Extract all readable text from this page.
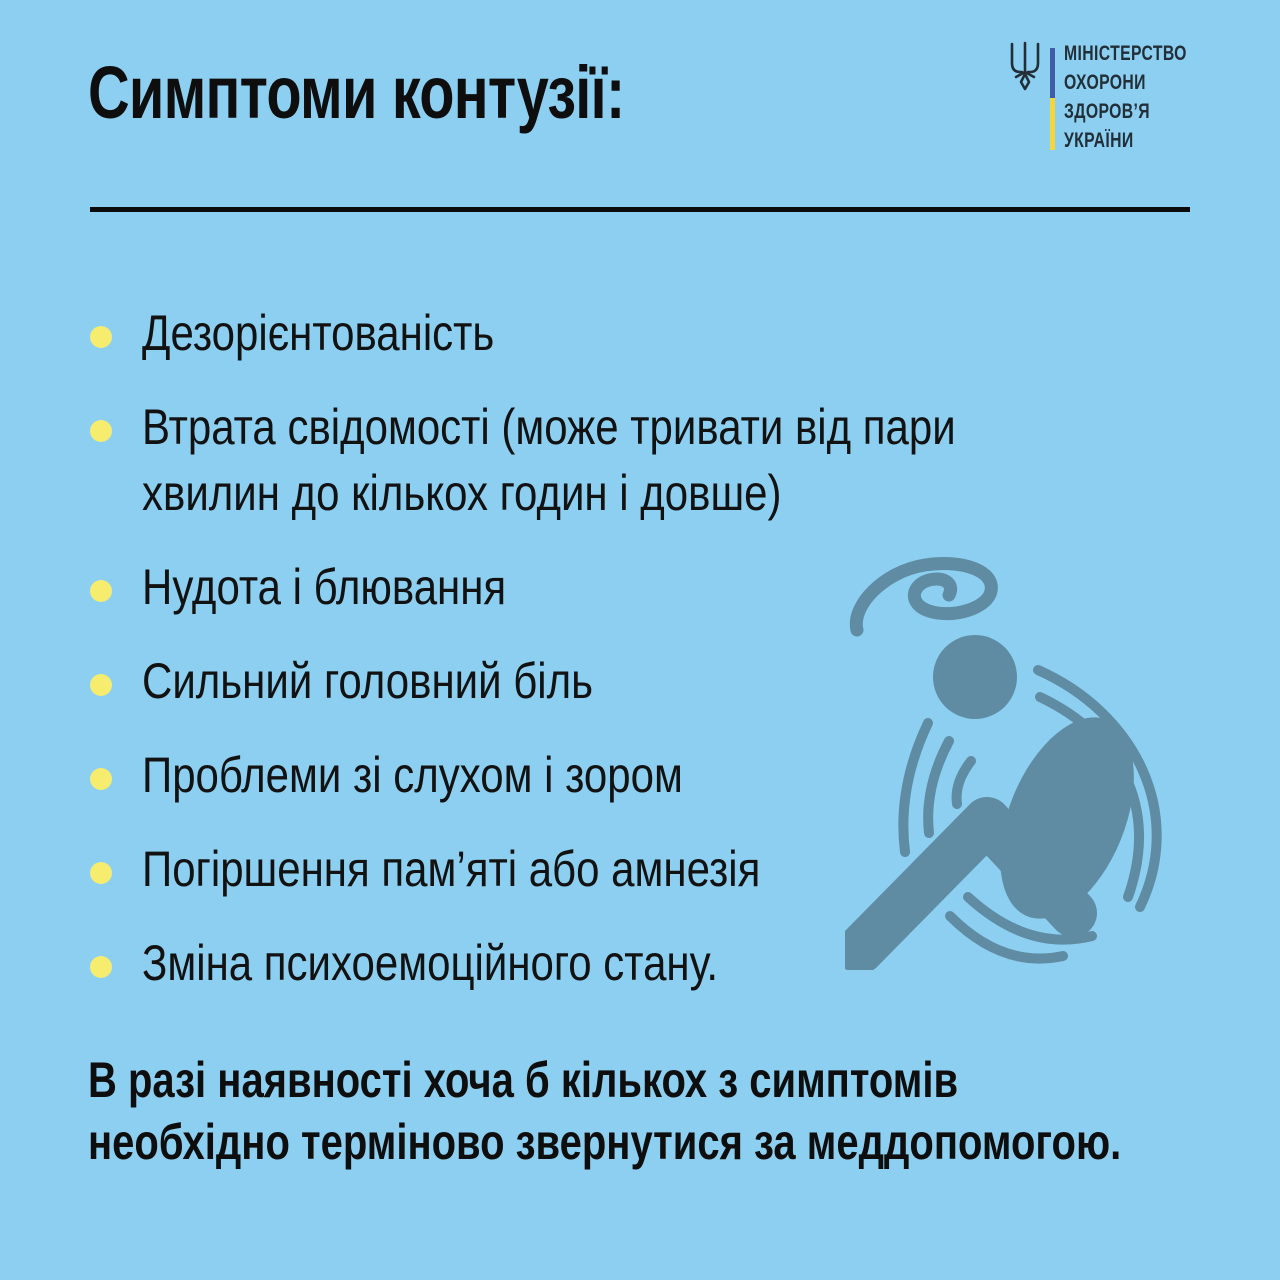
Симптоми контузії:	МІНІСТЕРСТВО
ОХОРОНИ
ЗДОРОВ’Я
УКРАЇНИ
Дезорієнтованість
Втрата свідомості (може тривати від пари хвилин до кількох годин і довше)
Нудота і блювання
Сильний головний біль
Проблеми зі слухом і зором
Погіршення пам’яті або амнезія
Зміна психоемоційного стану.
В разі наявності хоча б кількох з симптомів
необхідно терміново звернутися за меддопомогою.
